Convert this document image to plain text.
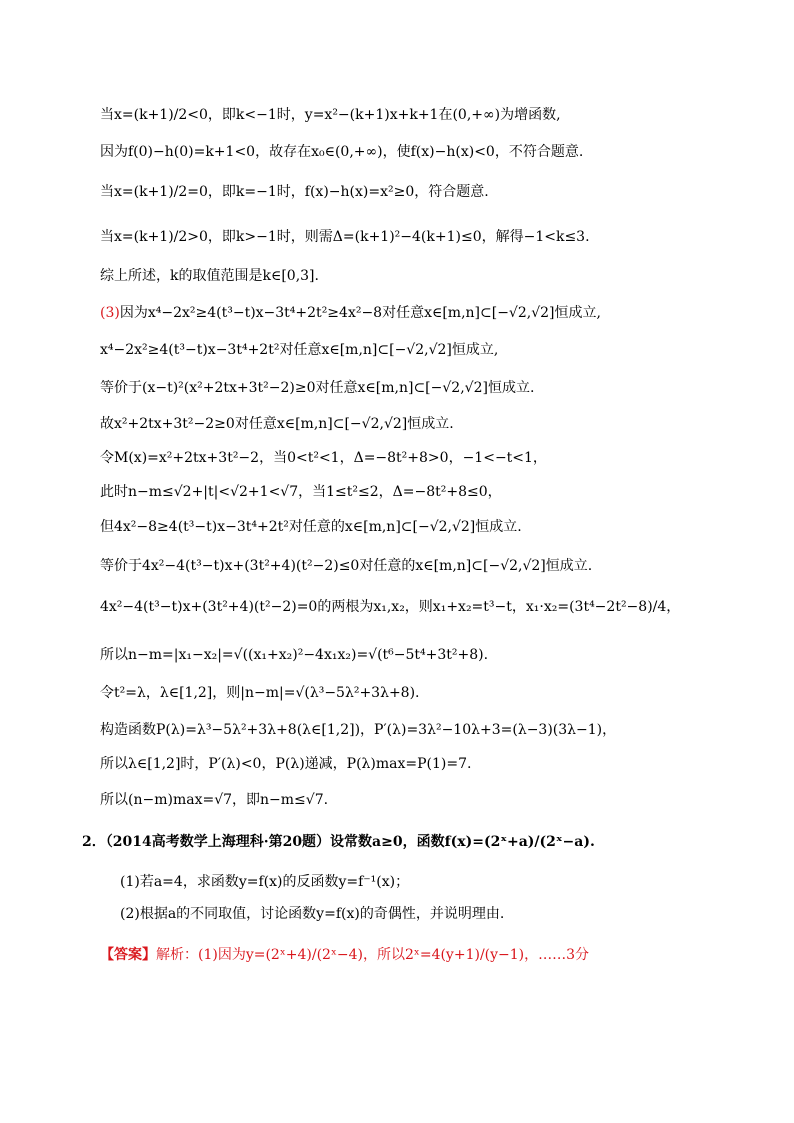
当x=(k+1)/2<0，即k<−1时，y=x²−(k+1)x+k+1在(0,+∞)为增函数,
因为f(0)−h(0)=k+1<0，故存在x₀∈(0,+∞)，使f(x)−h(x)<0，不符合题意.
当x=(k+1)/2=0，即k=−1时，f(x)−h(x)=x²≥0，符合题意.
当x=(k+1)/2>0，即k>−1时，则需Δ=(k+1)²−4(k+1)≤0，解得−1<k≤3.
综上所述，k的取值范围是k∈[0,3].
(3)因为x⁴−2x²≥4(t³−t)x−3t⁴+2t²≥4x²−8对任意x∈[m,n]⊂[−√2,√2]恒成立,
x⁴−2x²≥4(t³−t)x−3t⁴+2t²对任意x∈[m,n]⊂[−√2,√2]恒成立,
等价于(x−t)²(x²+2tx+3t²−2)≥0对任意x∈[m,n]⊂[−√2,√2]恒成立.
故x²+2tx+3t²−2≥0对任意x∈[m,n]⊂[−√2,√2]恒成立.
令M(x)=x²+2tx+3t²−2，当0<t²<1，Δ=−8t²+8>0，−1<−t<1，
此时n−m≤√2+|t|<√2+1<√7，当1≤t²≤2，Δ=−8t²+8≤0，
但4x²−8≥4(t³−t)x−3t⁴+2t²对任意的x∈[m,n]⊂[−√2,√2]恒成立.
等价于4x²−4(t³−t)x+(3t²+4)(t²−2)≤0对任意的x∈[m,n]⊂[−√2,√2]恒成立.
4x²−4(t³−t)x+(3t²+4)(t²−2)=0的两根为x₁,x₂，则x₁+x₂=t³−t，x₁·x₂=(3t⁴−2t²−8)/4，
所以n−m=|x₁−x₂|=√((x₁+x₂)²−4x₁x₂)=√(t⁶−5t⁴+3t²+8).
令t²=λ，λ∈[1,2]，则|n−m|=√(λ³−5λ²+3λ+8).
构造函数P(λ)=λ³−5λ²+3λ+8(λ∈[1,2])，P′(λ)=3λ²−10λ+3=(λ−3)(3λ−1)，
所以λ∈[1,2]时，P′(λ)<0，P(λ)递减，P(λ)max=P(1)=7.
所以(n−m)max=√7，即n−m≤√7.
2．（2014高考数学上海理科·第20题）设常数a≥0，函数f(x)=(2ˣ+a)/(2ˣ−a).
(1)若a=4，求函数y=f(x)的反函数y=f⁻¹(x)；
(2)根据a的不同取值，讨论函数y=f(x)的奇偶性，并说明理由.
【答案】解析：(1)因为y=(2ˣ+4)/(2ˣ−4)，所以2ˣ=4(y+1)/(y−1)，……3分
